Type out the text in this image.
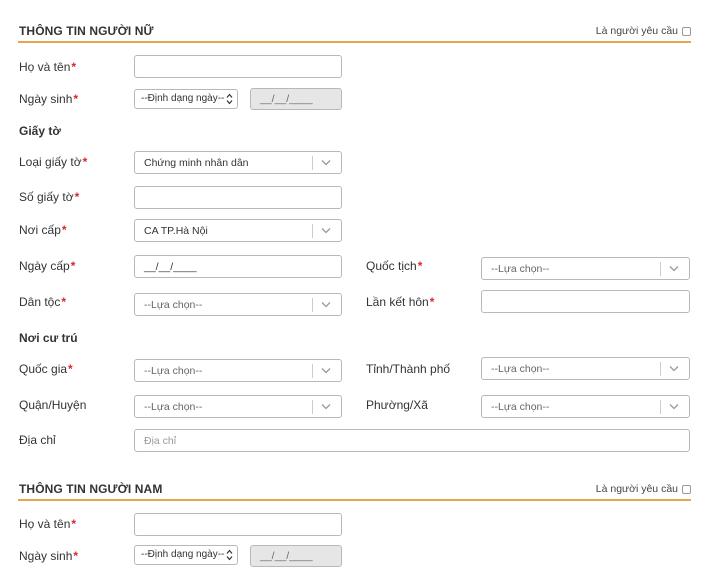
THÔNG TIN NGƯỜI NỮ	Là người yêu cầu
Họ và tên*
Ngày sinh*	--Định dạng ngày--	__/__/____
Giấy tờ
Loại giấy tờ*	Chứng minh nhân dân
Số giấy tờ*
Nơi cấp*	CA TP.Hà Nội
Ngày cấp*	__/__/____	Quốc tịch*	--Lựa chọn--
Dân tộc*	--Lựa chọn--	Lần kết hôn*
Nơi cư trú
Quốc gia*	--Lựa chọn--	Tỉnh/Thành phố	--Lựa chọn--
Quận/Huyện	--Lựa chọn--	Phường/Xã	--Lựa chọn--
Địa chỉ	Địa chỉ
THÔNG TIN NGƯỜI NAM	Là người yêu cầu
Họ và tên*
Ngày sinh*	--Định dạng ngày--	__/__/____
